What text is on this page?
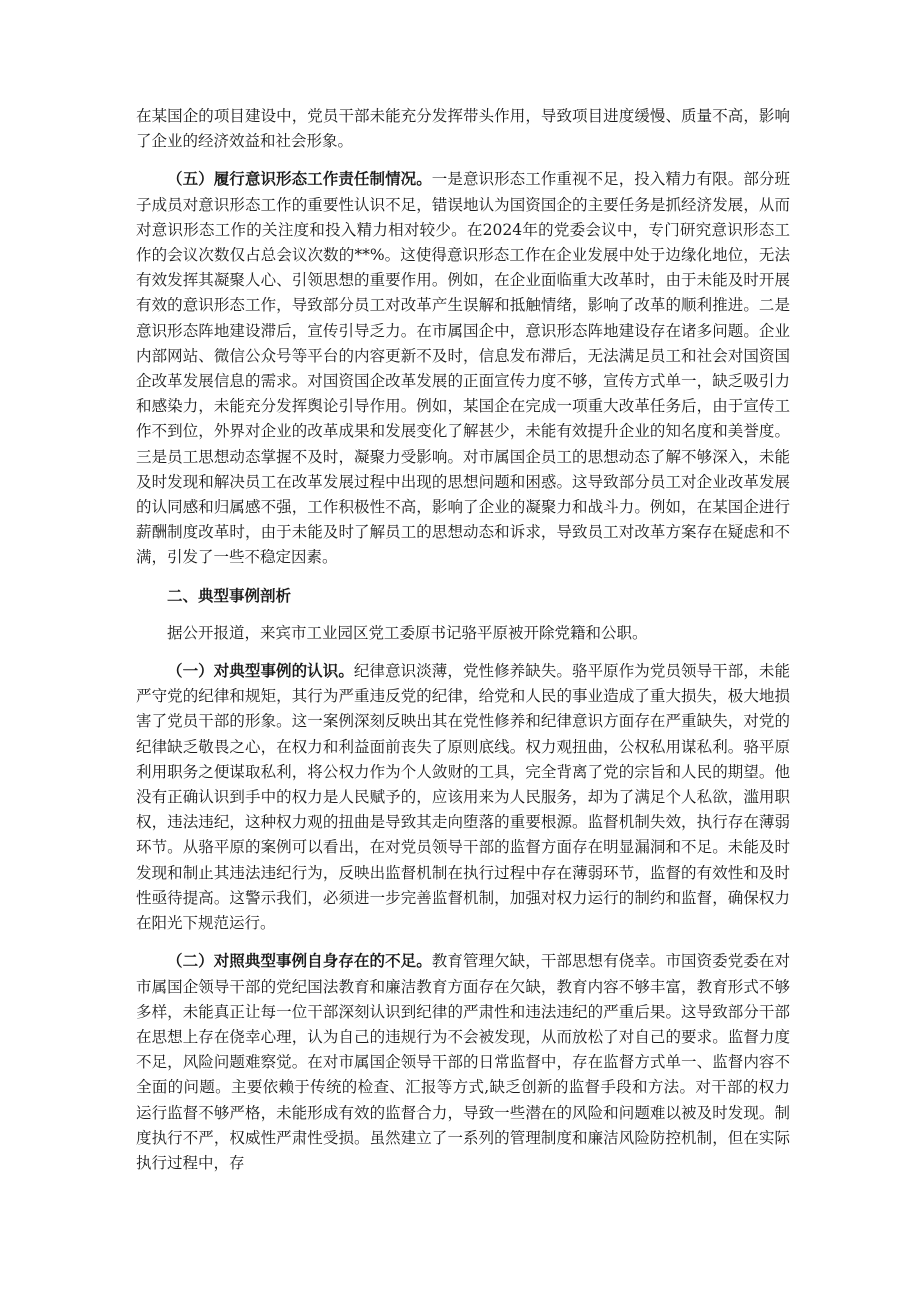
在某国企的项目建设中，党员干部未能充分发挥带头作用，导致项目进度缓慢、质量不高，影响了企业的经济效益和社会形象。

（五）履行意识形态工作责任制情况。一是意识形态工作重视不足，投入精力有限。部分班子成员对意识形态工作的重要性认识不足，错误地认为国资国企的主要任务是抓经济发展，从而对意识形态工作的关注度和投入精力相对较少。在2024年的党委会议中，专门研究意识形态工作的会议次数仅占总会议次数的**%。这使得意识形态工作在企业发展中处于边缘化地位，无法有效发挥其凝聚人心、引领思想的重要作用。例如，在企业面临重大改革时，由于未能及时开展有效的意识形态工作，导致部分员工对改革产生误解和抵触情绪，影响了改革的顺利推进。二是意识形态阵地建设滞后，宣传引导乏力。在市属国企中，意识形态阵地建设存在诸多问题。企业内部网站、微信公众号等平台的内容更新不及时，信息发布滞后，无法满足员工和社会对国资国企改革发展信息的需求。对国资国企改革发展的正面宣传力度不够，宣传方式单一，缺乏吸引力和感染力，未能充分发挥舆论引导作用。例如，某国企在完成一项重大改革任务后，由于宣传工作不到位，外界对企业的改革成果和发展变化了解甚少，未能有效提升企业的知名度和美誉度。三是员工思想动态掌握不及时，凝聚力受影响。对市属国企员工的思想动态了解不够深入，未能及时发现和解决员工在改革发展过程中出现的思想问题和困惑。这导致部分员工对企业改革发展的认同感和归属感不强，工作积极性不高，影响了企业的凝聚力和战斗力。例如，在某国企进行薪酬制度改革时，由于未能及时了解员工的思想动态和诉求，导致员工对改革方案存在疑虑和不满，引发了一些不稳定因素。

二、典型事例剖析

据公开报道，来宾市工业园区党工委原书记骆平原被开除党籍和公职。

（一）对典型事例的认识。纪律意识淡薄，党性修养缺失。骆平原作为党员领导干部，未能严守党的纪律和规矩，其行为严重违反党的纪律，给党和人民的事业造成了重大损失，极大地损害了党员干部的形象。这一案例深刻反映出其在党性修养和纪律意识方面存在严重缺失，对党的纪律缺乏敬畏之心，在权力和利益面前丧失了原则底线。权力观扭曲，公权私用谋私利。骆平原利用职务之便谋取私利，将公权力作为个人敛财的工具，完全背离了党的宗旨和人民的期望。他没有正确认识到手中的权力是人民赋予的，应该用来为人民服务，却为了满足个人私欲，滥用职权，违法违纪，这种权力观的扭曲是导致其走向堕落的重要根源。监督机制失效，执行存在薄弱环节。从骆平原的案例可以看出，在对党员领导干部的监督方面存在明显漏洞和不足。未能及时发现和制止其违法违纪行为，反映出监督机制在执行过程中存在薄弱环节，监督的有效性和及时性亟待提高。这警示我们，必须进一步完善监督机制，加强对权力运行的制约和监督，确保权力在阳光下规范运行。

（二）对照典型事例自身存在的不足。教育管理欠缺，干部思想有侥幸。市国资委党委在对市属国企领导干部的党纪国法教育和廉洁教育方面存在欠缺，教育内容不够丰富，教育形式不够多样，未能真正让每一位干部深刻认识到纪律的严肃性和违法违纪的严重后果。这导致部分干部在思想上存在侥幸心理，认为自己的违规行为不会被发现，从而放松了对自己的要求。监督力度不足，风险问题难察觉。在对市属国企领导干部的日常监督中，存在监督方式单一、监督内容不全面的问题。主要依赖于传统的检查、汇报等方式,缺乏创新的监督手段和方法。对干部的权力运行监督不够严格，未能形成有效的监督合力，导致一些潜在的风险和问题难以被及时发现。制度执行不严，权威性严肃性受损。虽然建立了一系列的管理制度和廉洁风险防控机制，但在实际执行过程中，存
